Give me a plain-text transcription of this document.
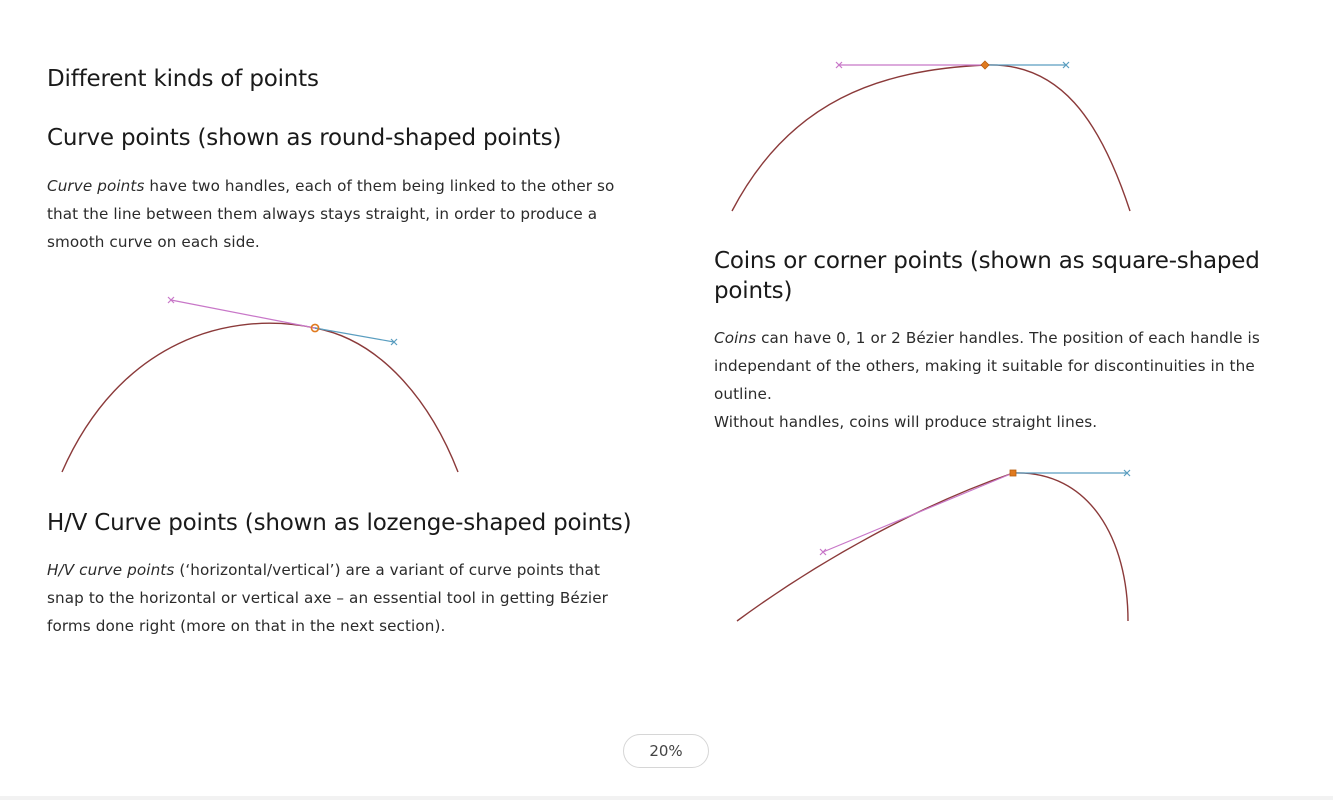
Different kinds of points
Curve points (shown as round-shaped points)

Curve points have two handles, each of them being linked to the other so that the line between them always stays straight, in order to produce a smooth curve on each side.

H/V Curve points (shown as lozenge-shaped points)

H/V curve points (‘horizontal/vertical’) are a variant of curve points that snap to the horizontal or vertical axe – an essential tool in getting Bézier forms done right (more on that in the next section).

Coins or corner points (shown as square-shaped points)

Coins can have 0, 1 or 2 Bézier handles. The position of each handle is independant of the others, making it suitable for discontinuities in the outline.

Without handles, coins will produce straight lines.

20%
